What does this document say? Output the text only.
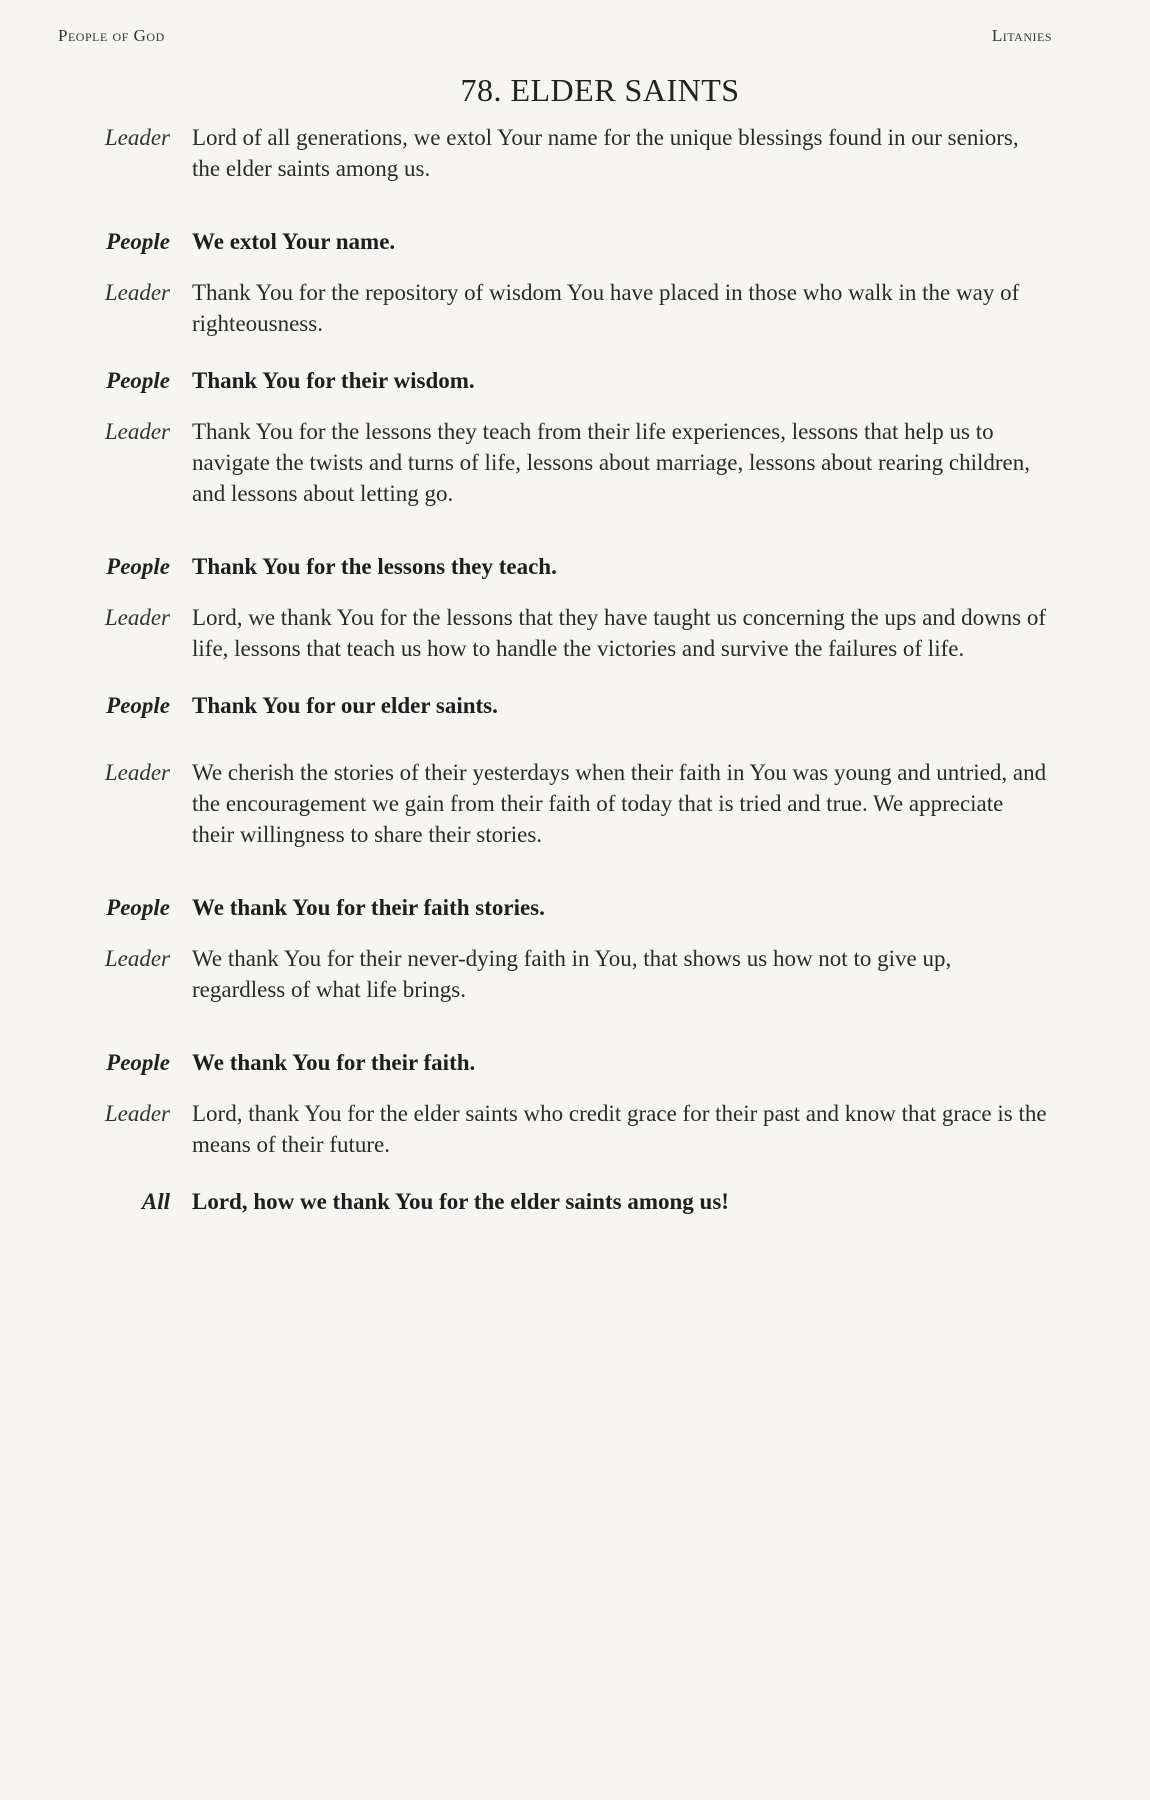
People of God	Litanies
78. ELDER SAINTS
Leader Lord of all generations, we extol Your name for the unique blessings found in our seniors, the elder saints among us.
People We extol Your name.
Leader Thank You for the repository of wisdom You have placed in those who walk in the way of righteousness.
People Thank You for their wisdom.
Leader Thank You for the lessons they teach from their life experiences, lessons that help us to navigate the twists and turns of life, lessons about marriage, lessons about rearing children, and lessons about letting go.
People Thank You for the lessons they teach.
Leader Lord, we thank You for the lessons that they have taught us concerning the ups and downs of life, lessons that teach us how to handle the victories and survive the failures of life.
People Thank You for our elder saints.
Leader We cherish the stories of their yesterdays when their faith in You was young and untried, and the encouragement we gain from their faith of today that is tried and true. We appreciate their willingness to share their stories.
People We thank You for their faith stories.
Leader We thank You for their never-dying faith in You, that shows us how not to give up, regardless of what life brings.
People We thank You for their faith.
Leader Lord, thank You for the elder saints who credit grace for their past and know that grace is the means of their future.
All Lord, how we thank You for the elder saints among us!
